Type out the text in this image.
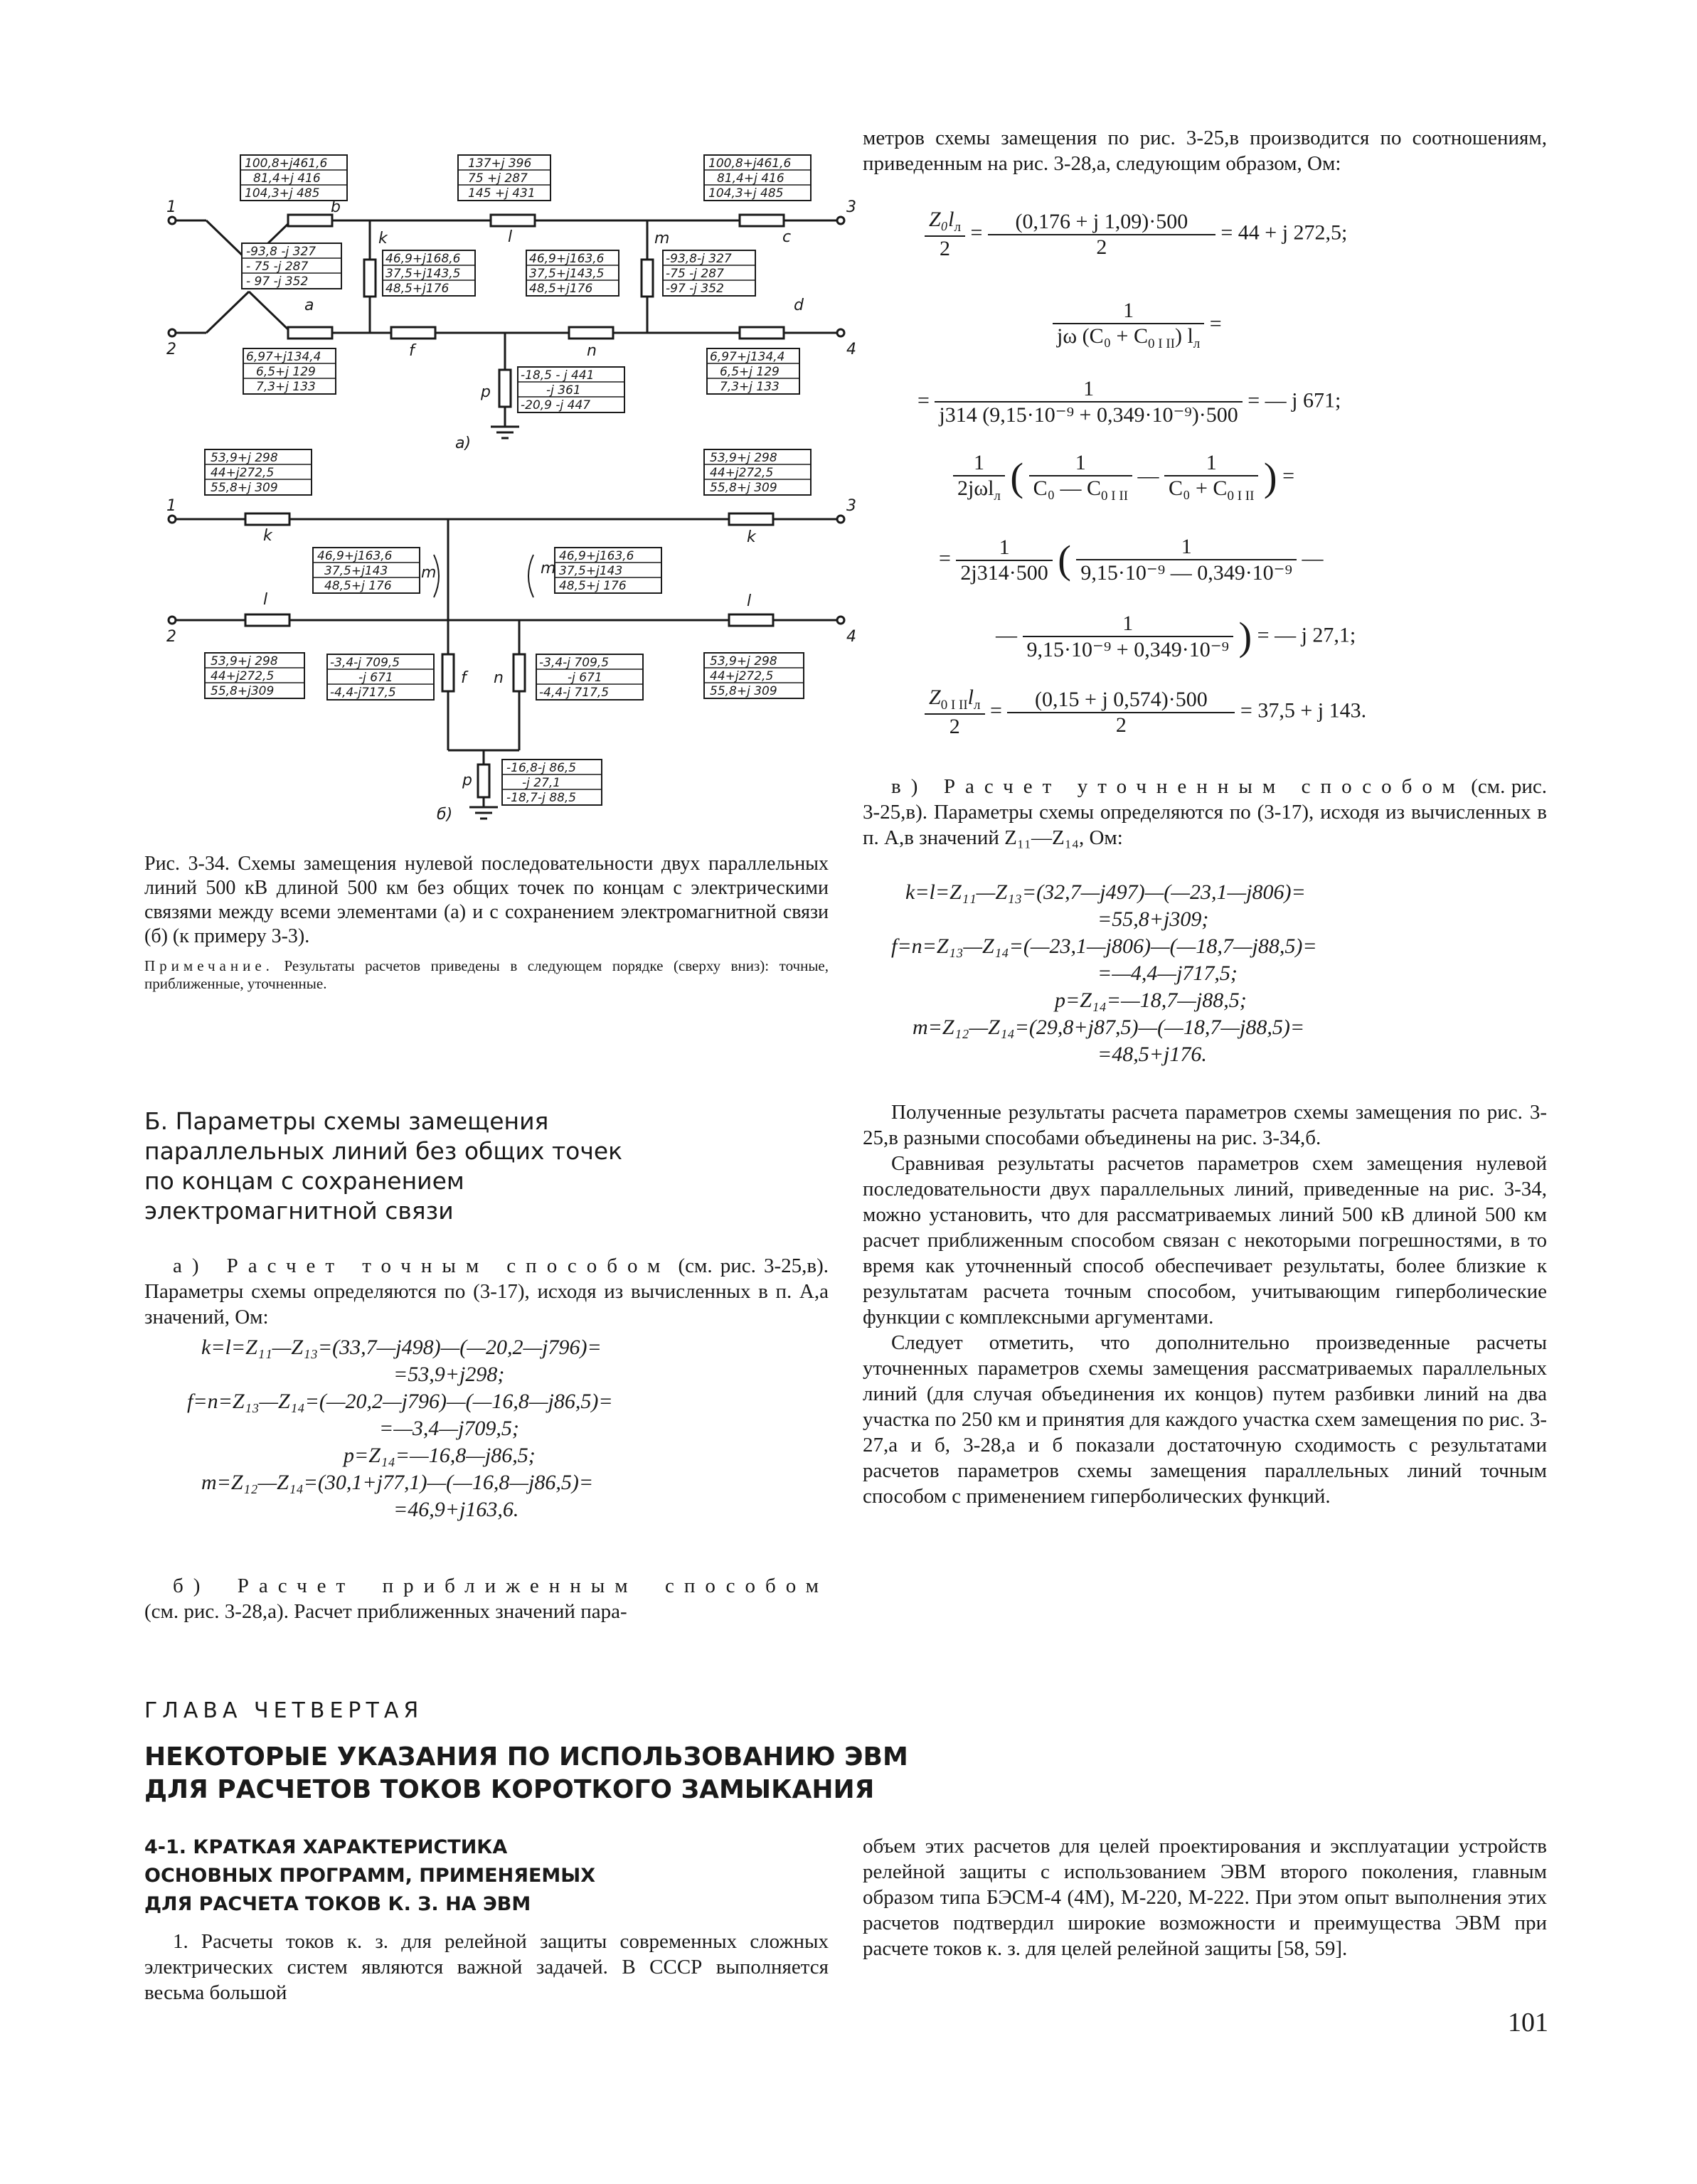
1
2
3
4
b
a
k	l	m	c
d
f	n
p
a)
100,8+j461,6
81,4+j 416
104,3+j 485
137+j 396
75 +j 287
145 +j 431
100,8+j461,6
81,4+j 416
104,3+j 485
-93,8 -j 327
- 75 -j 287
- 97 -j 352
46,9+j168,6
37,5+j143,5
48,5+j176
46,9+j163,6
37,5+j143,5
48,5+j176
-93,8-j 327
-75 -j 287
-97 -j 352
6,97+j134,4
6,5+j 129
7,3+j 133
-18,5 - j 441
-j 361
-20,9 -j 447
6,97+j134,4
6,5+j 129
7,3+j 133
1
2
3
4
k	k
l	l
m	m
f n
p
б)
53,9+j 298
44+j272,5
55,8+j 309
53,9+j 298
44+j272,5
55,8+j 309
46,9+j163,6
37,5+j143
48,5+j 176
46,9+j163,6
37,5+j143
48,5+j 176
53,9+j 298
44+j272,5
55,8+j309
-3,4-j 709,5
-j 671
-4,4-j717,5
-3,4-j 709,5
-j 671
-4,4-j 717,5
53,9+j 298
44+j272,5
55,8+j 309
-16,8-j 86,5
-j 27,1
-18,7-j 88,5

Рис. 3-34. Схемы замещения нулевой последовательности двух параллельных линий 500 кВ длиной 500 км без общих точек по концам с электрическими связями между всеми элементами (а) и с сохранением электромагнитной связи (б) (к примеру 3-3).

Примечание. Результаты расчетов приведены в следующем порядке (сверху вниз): точные, приближенные, уточненные.

Б. Параметры схемы замещения
параллельных линий без общих точек
по концам с сохранением
электромагнитной связи

а) Расчет точным способом (см. рис. 3-25,в). Параметры схемы определяются по (3-17), исходя из вычисленных в п. А,а значений, Ом:

k=l=Z₁₁—Z₁₃=(33,7—j498)—(—20,2—j796)=
=53,9+j298;
f=n=Z₁₃—Z₁₄=(—20,2—j796)—(—16,8—j86,5)=
=—3,4—j709,5;
p=Z₁₄=—16,8—j86,5;
m=Z₁₂—Z₁₄=(30,1+j77,1)—(—16,8—j86,5)=
=46,9+j163,6.

б) Расчет приближенным способом (см. рис. 3-28,а). Расчет приближенных значений пара-

метров схемы замещения по рис. 3-25,в производится по соотношениям, приведенным на рис. 3-28,а, следующим образом, Ом:

$\frac{Z_0l_л}{2} = \frac{(0,176 + j 1,09)\cdot 500}{2} = 44 + j$ 272,5;
$\frac{1}{j\omega (C_0 + C_{0 I II}) l_л}$ =
= $\frac{1}{\text{j314 (9,15·10⁻⁹ + 0,349·10⁻⁹)·500}}$ = — j 671;
$\frac{1}{2j\omega l_л}$ ( $\frac{1}{C_0 — C_{0 I II}}$ — $\frac{1}{C_0 + C_{0 I II}}$ ) =
= $\frac{1}{2j314\cdot 500}$ ( $\frac{1}{\text{9,15·10⁻⁹ — 0,349·10⁻⁹}}$ —
— $\frac{1}{\text{9,15·10⁻⁹ + 0,349·10⁻⁹}}$ ) = — j 27,1;
$\frac{Z_{0 I II}l_л}{2} = \frac{(0,15 + j 0,574)\cdot 500}{2} = 37,5 + j$ 143.

в) Расчет уточненным способом (см. рис. 3-25,в). Параметры схемы определяются по (3-17), исходя из вычисленных в п. А,в значений Z₁₁—Z₁₄, Ом:

k=l=Z₁₁—Z₁₃=(32,7—j497)—(—23,1—j806)=
=55,8+j309;
f=n=Z₁₃—Z₁₄=(—23,1—j806)—(—18,7—j88,5)=
=—4,4—j717,5;
p=Z₁₄=—18,7—j88,5;
m=Z₁₂—Z₁₄=(29,8+j87,5)—(—18,7—j88,5)=
=48,5+j176.

Полученные результаты расчета параметров схемы замещения по рис. 3-25,в разными способами объединены на рис. 3-34,б.

Сравнивая результаты расчетов параметров схем замещения нулевой последовательности двух параллельных линий, приведенные на рис. 3-34, можно установить, что для рассматриваемых линий 500 кВ длиной 500 км расчет приближенным способом связан с некоторыми погрешностями, в то время как уточненный способ обеспечивает результаты, более близкие к результатам расчета точным способом, учитывающим гиперболические функции с комплексными аргументами.

Следует отметить, что дополнительно произведенные расчеты уточненных параметров схемы замещения рассматриваемых параллельных линий (для случая объединения их концов) путем разбивки линий на два участка по 250 км и принятия для каждого участка схем замещения по рис. 3-27,а и б, 3-28,а и б показали достаточную сходимость с результатами расчетов параметров схемы замещения параллельных линий точным способом с применением гиперболических функций.

ГЛАВА ЧЕТВЕРТАЯ
НЕКОТОРЫЕ УКАЗАНИЯ ПО ИСПОЛЬЗОВАНИЮ ЭВМ
ДЛЯ РАСЧЕТОВ ТОКОВ КОРОТКОГО ЗАМЫКАНИЯ
4-1. КРАТКАЯ ХАРАКТЕРИСТИКА
ОСНОВНЫХ ПРОГРАММ, ПРИМЕНЯЕМЫХ
ДЛЯ РАСЧЕТА ТОКОВ К. З. НА ЭВМ

1. Расчеты токов к. з. для релейной защиты современных сложных электрических систем являются важной задачей. В СССР выполняется весьма большой

объем этих расчетов для целей проектирования и эксплуатации устройств релейной защиты с использованием ЭВМ второго поколения, главным образом типа БЭСМ-4 (4М), М-220, М-222. При этом опыт выполнения этих расчетов подтвердил широкие возможности и преимущества ЭВМ при расчете токов к. з. для целей релейной защиты [58, 59].

101
